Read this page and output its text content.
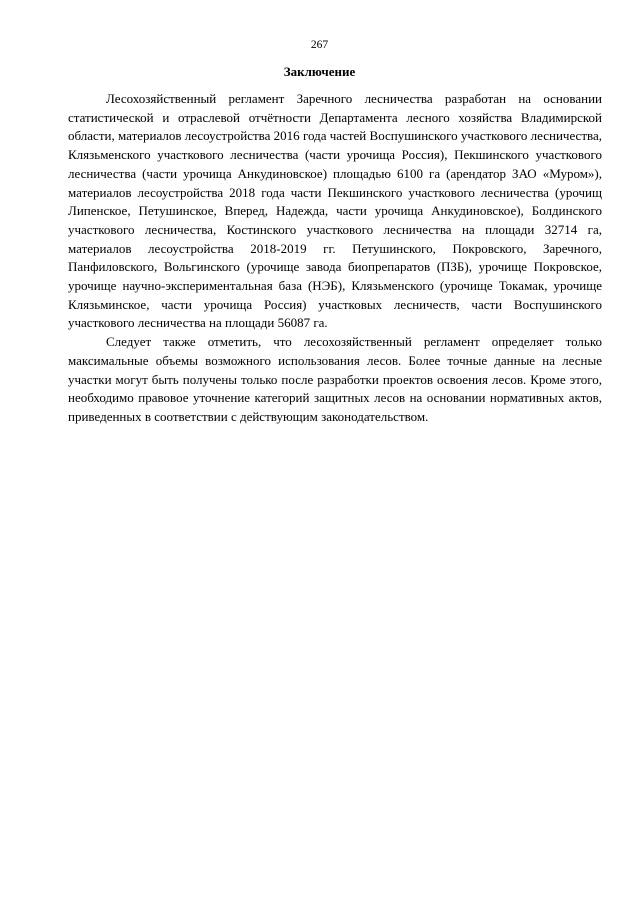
267
Заключение

Лесохозяйственный регламент Заречного лесничества разработан на основании статистической и отраслевой отчётности Департамента лесного хозяйства Владимирской области, материалов лесоустройства 2016 года частей Воспушинского участкового лесничества, Клязьменского участкового лесничества (части урочища Россия), Пекшинского участкового лесничества (части урочища Анкудиновское) площадью 6100 га (арендатор ЗАО «Муром»), материалов лесоустройства 2018 года части Пекшинского участкового лесничества (урочищ Липенское, Петушинское, Вперед, Надежда, части урочища Анкудиновское), Болдинского участкового лесничества, Костинского участкового лесничества на площади 32714 га, материалов лесоустройства 2018-2019 гг. Петушинского, Покровского, Заречного, Панфиловского, Вольгинского (урочище завода биопрепаратов (ПЗБ), урочище Покровское, урочище научно-экспериментальная база (НЭБ), Клязьменского (урочище Токамак, урочище Клязьминское, части урочища Россия) участковых лесничеств, части Воспушинского участкового лесничества на площади 56087 га.

Следует также отметить, что лесохозяйственный регламент определяет только максимальные объемы возможного использования лесов. Более точные данные на лесные участки могут быть получены только после разработки проектов освоения лесов. Кроме этого, необходимо правовое уточнение категорий защитных лесов на основании нормативных актов, приведенных в соответствии с действующим законодательством.
